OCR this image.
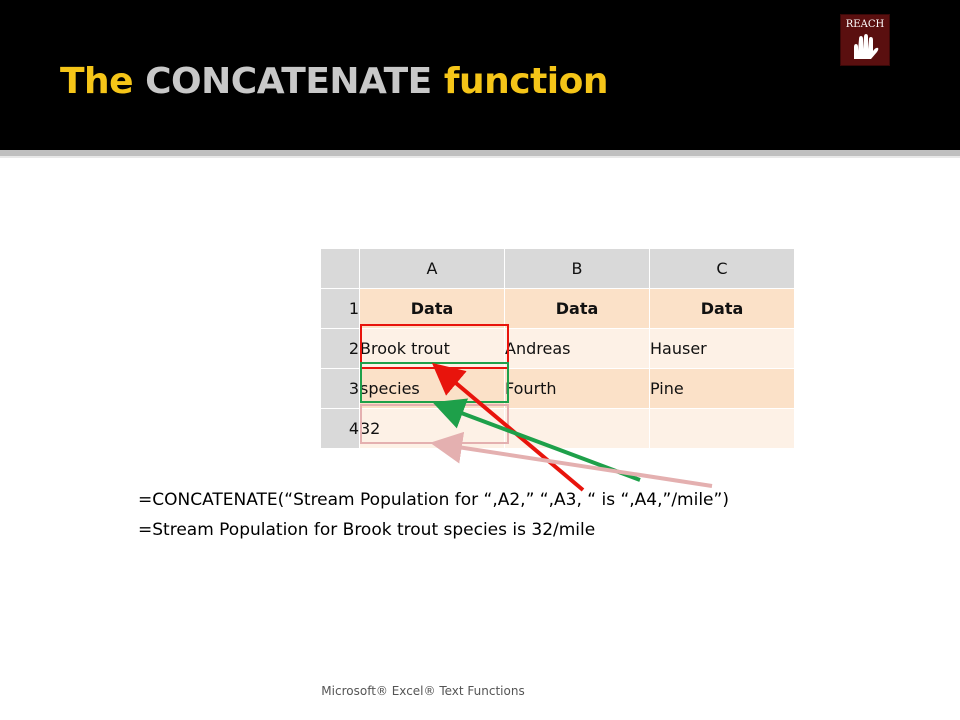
The CONCATENATE function
REACH
	A	B	C
1	Data	Data	Data
2	Brook trout	Andreas	Hauser
3	species	Fourth	Pine
4	32		

=CONCATENATE(“Stream Population for “,A2,” “,A3, “ is “,A4,”/mile”)

=Stream Population for Brook trout species is 32/mile

Microsoft® Excel® Text Functions
